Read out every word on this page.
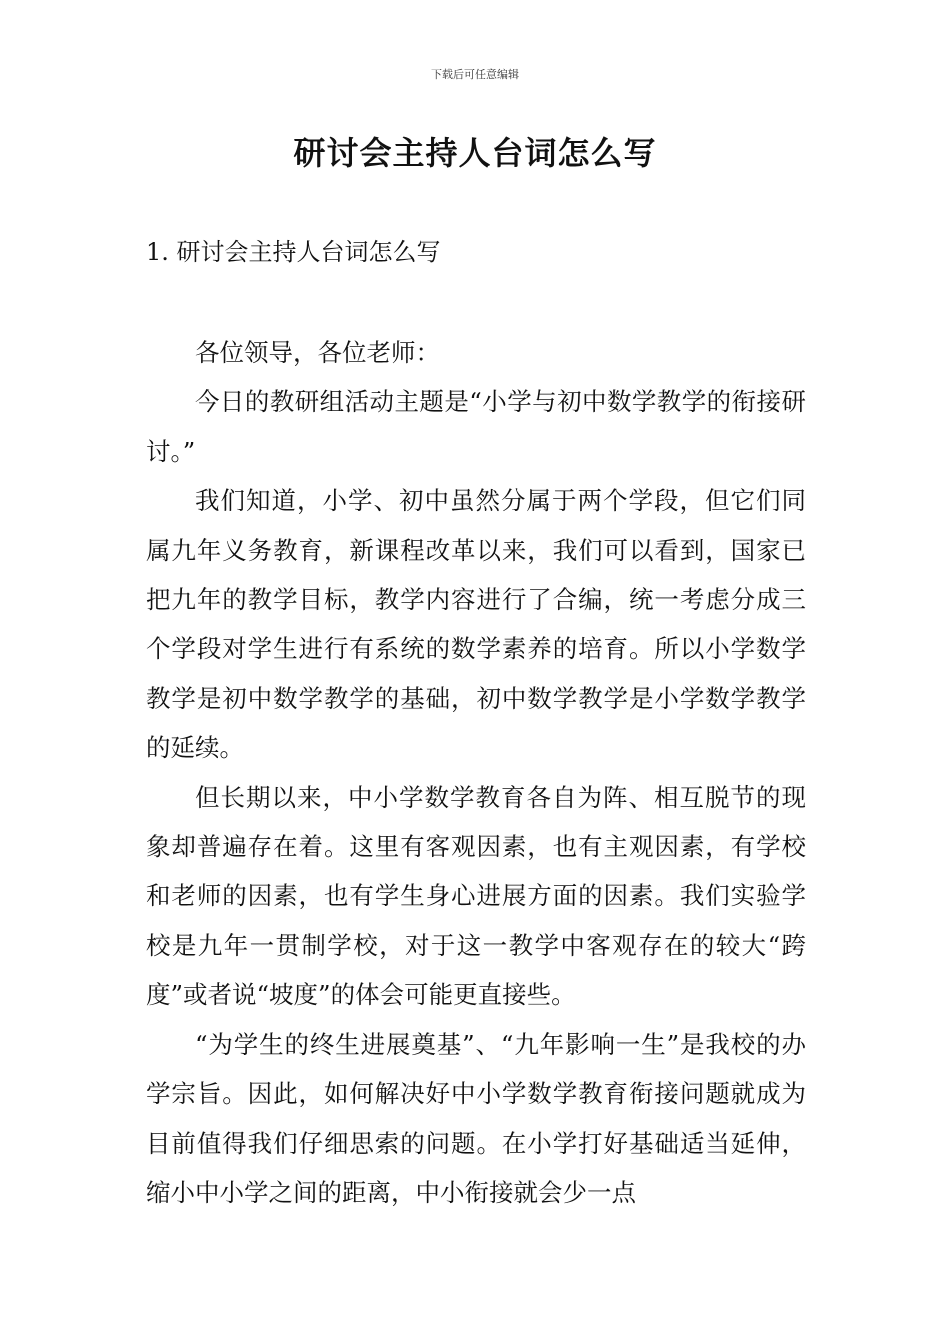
下载后可任意编辑
研讨会主持人台词怎么写
1. 研讨会主持人台词怎么写

各位领导，各位老师：

今日的教研组活动主题是“小学与初中数学教学的衔接研讨。”

我们知道，小学、初中虽然分属于两个学段，但它们同属九年义务教育，新课程改革以来，我们可以看到，国家已把九年的教学目标，教学内容进行了合编，统一考虑分成三个学段对学生进行有系统的数学素养的培育。所以小学数学教学是初中数学教学的基础，初中数学教学是小学数学教学的延续。

但长期以来，中小学数学教育各自为阵、相互脱节的现象却普遍存在着。这里有客观因素，也有主观因素，有学校和老师的因素，也有学生身心进展方面的因素。我们实验学校是九年一贯制学校，对于这一教学中客观存在的较大“跨度”或者说“坡度”的体会可能更直接些。

“为学生的终生进展奠基”、“九年影响一生”是我校的办学宗旨。因此，如何解决好中小学数学教育衔接问题就成为目前值得我们仔细思索的问题。在小学打好基础适当延伸，缩小中小学之间的距离，中小衔接就会少一点
